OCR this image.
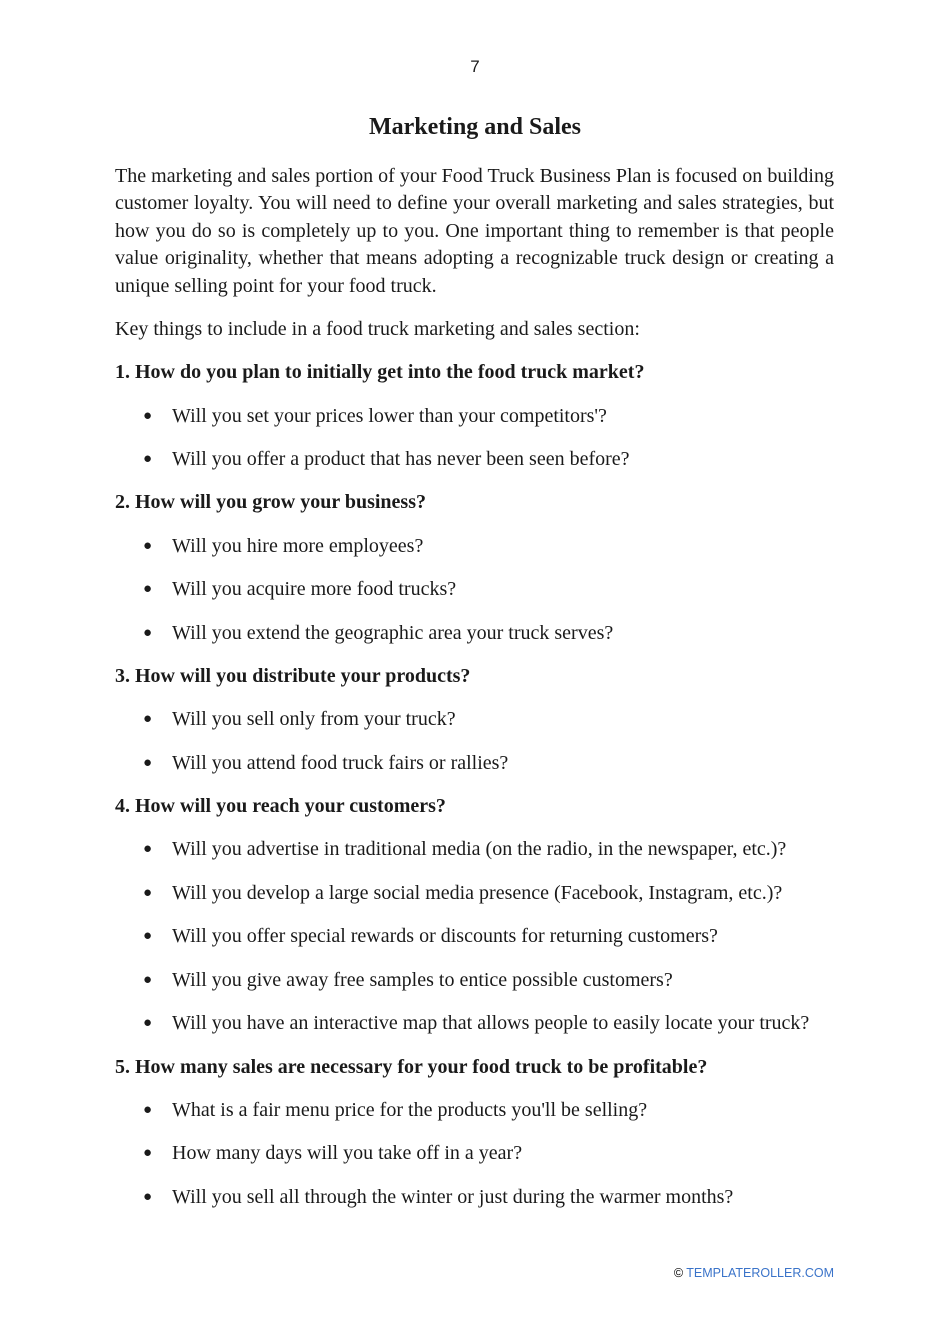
7
Marketing and Sales

The marketing and sales portion of your Food Truck Business Plan is focused on building customer loyalty. You will need to define your overall marketing and sales strategies, but how you do so is completely up to you. One important thing to remember is that people value originality, whether that means adopting a recognizable truck design or creating a unique selling point for your food truck.

Key things to include in a food truck marketing and sales section:

1. How do you plan to initially get into the food truck market?

● Will you set your prices lower than your competitors'?
● Will you offer a product that has never been seen before?

2. How will you grow your business?

● Will you hire more employees?
● Will you acquire more food trucks?
● Will you extend the geographic area your truck serves?

3. How will you distribute your products?

● Will you sell only from your truck?
● Will you attend food truck fairs or rallies?

4. How will you reach your customers?

● Will you advertise in traditional media (on the radio, in the newspaper, etc.)?
● Will you develop a large social media presence (Facebook, Instagram, etc.)?
● Will you offer special rewards or discounts for returning customers?
● Will you give away free samples to entice possible customers?
● Will you have an interactive map that allows people to easily locate your truck?

5. How many sales are necessary for your food truck to be profitable?

● What is a fair menu price for the products you'll be selling?
● How many days will you take off in a year?
● Will you sell all through the winter or just during the warmer months?
© TEMPLATEROLLER.COM
